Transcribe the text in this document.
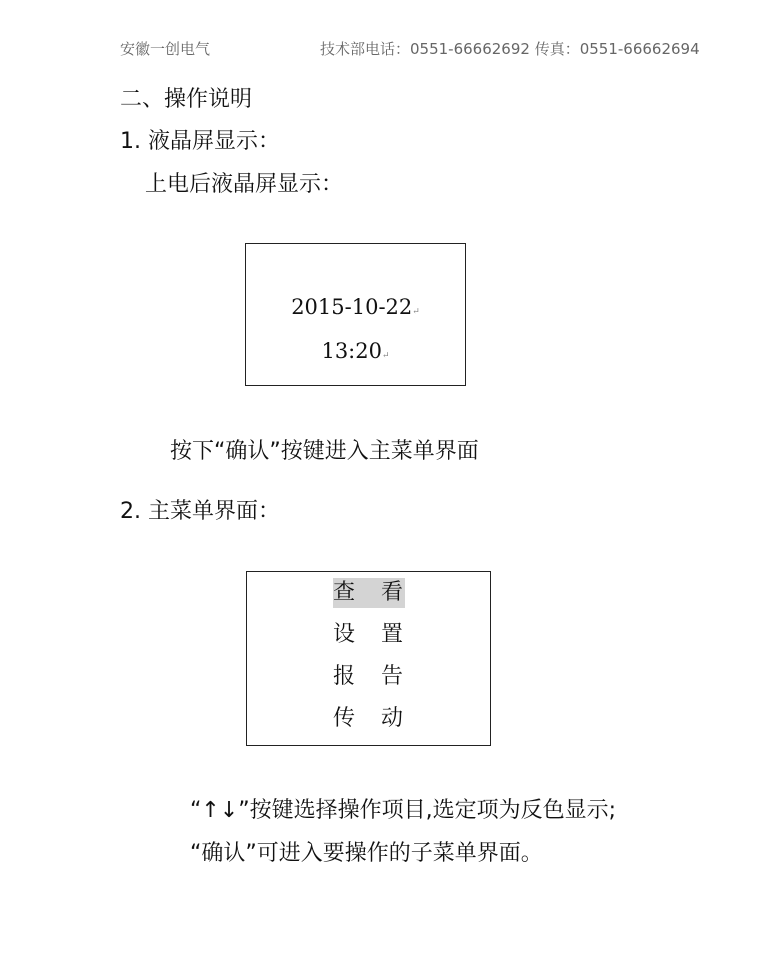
安徽一创电气	技术部电话：0551-66662692 传真：0551-66662694
二、操作说明
1. 液晶屏显示：
上电后液晶屏显示：
2015-10-22↵
13:20↵
按下“确认”按键进入主菜单界面
2. 主菜单界面：
查看
设置
报告
传动
“↑↓”按键选择操作项目,选定项为反色显示;
“确认”可进入要操作的子菜单界面。
